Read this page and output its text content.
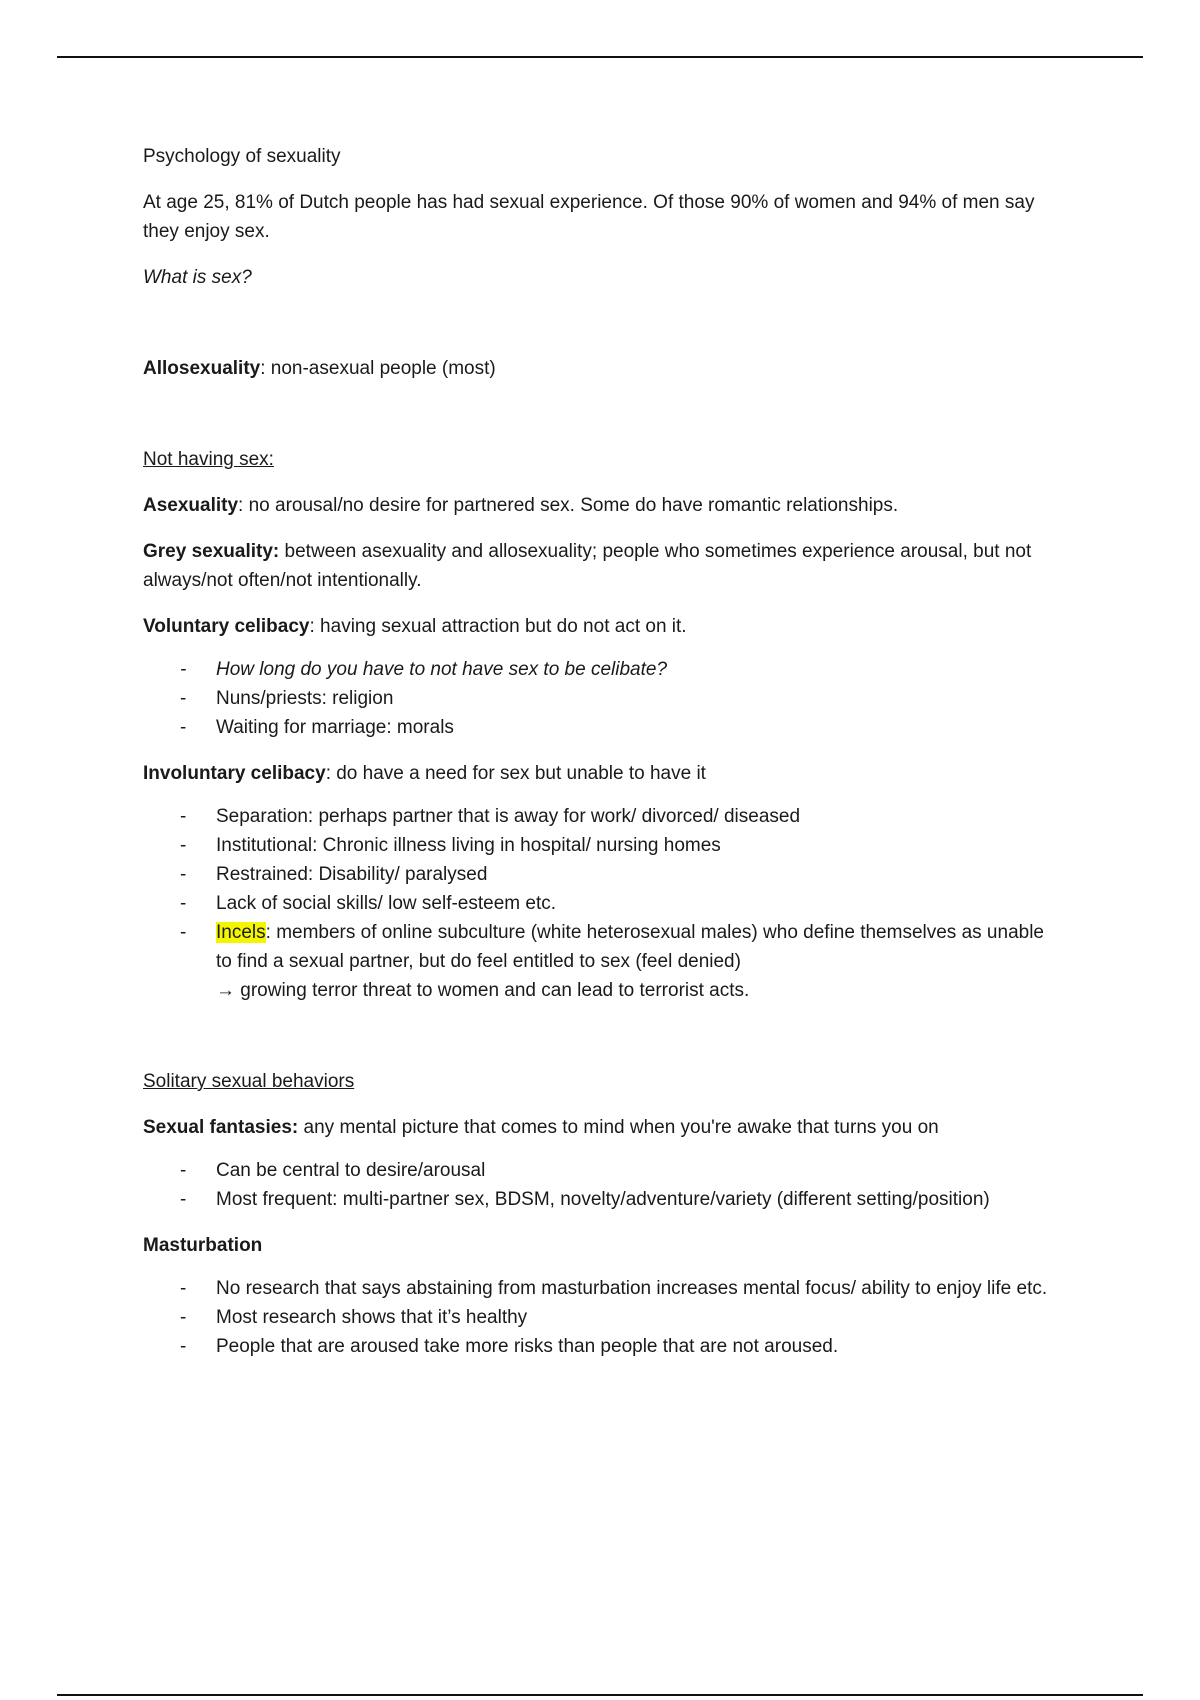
Psychology of sexuality

At age 25, 81% of Dutch people has had sexual experience. Of those 90% of women and 94% of men say they enjoy sex.

What is sex?

Allosexuality: non-asexual people (most)

Not having sex:

Asexuality: no arousal/no desire for partnered sex. Some do have romantic relationships.

Grey sexuality: between asexuality and allosexuality; people who sometimes experience arousal, but not always/not often/not intentionally.

Voluntary celibacy: having sexual attraction but do not act on it.

- How long do you have to not have sex to be celibate?
- Nuns/priests: religion
- Waiting for marriage: morals

Involuntary celibacy: do have a need for sex but unable to have it

- Separation: perhaps partner that is away for work/ divorced/ diseased
- Institutional: Chronic illness living in hospital/ nursing homes
- Restrained: Disability/ paralysed
- Lack of social skills/ low self-esteem etc.
- Incels: members of online subculture (white heterosexual males) who define themselves as unable to find a sexual partner, but do feel entitled to sex (feel denied)
→ growing terror threat to women and can lead to terrorist acts.

Solitary sexual behaviors

Sexual fantasies: any mental picture that comes to mind when you're awake that turns you on

- Can be central to desire/arousal
- Most frequent: multi-partner sex, BDSM, novelty/adventure/variety (different setting/position)

Masturbation

- No research that says abstaining from masturbation increases mental focus/ ability to enjoy life etc.
- Most research shows that it’s healthy
- People that are aroused take more risks than people that are not aroused.
